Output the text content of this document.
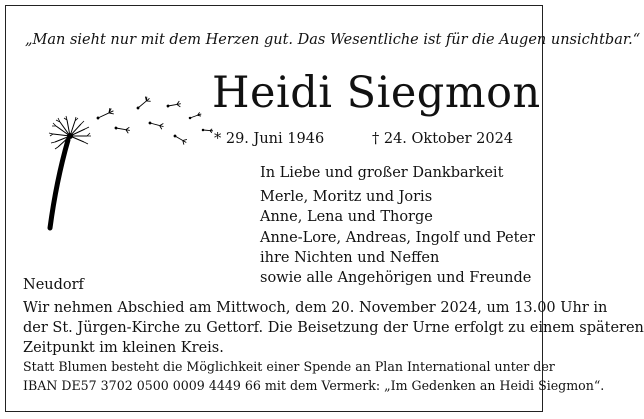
„Man sieht nur mit dem Herzen gut. Das Wesentliche ist für die Augen unsichtbar.“
Heidi Siegmon
* 29. Juni 1946	† 24. Oktober 2024
In Liebe und großer Dankbarkeit
Merle, Moritz und Joris
Anne, Lena und Thorge
Anne-Lore, Andreas, Ingolf und Peter
ihre Nichten und Neffen
sowie alle Angehörigen und Freunde
Neudorf
Wir nehmen Abschied am Mittwoch, dem 20. November 2024, um 13.00 Uhr in
der St. Jürgen-Kirche zu Gettorf. Die Beisetzung der Urne erfolgt zu einem späteren
Zeitpunkt im kleinen Kreis.
Statt Blumen besteht die Möglichkeit einer Spende an Plan International unter der
IBAN DE57 3702 0500 0009 4449 66 mit dem Vermerk: „Im Gedenken an Heidi Siegmon“.
